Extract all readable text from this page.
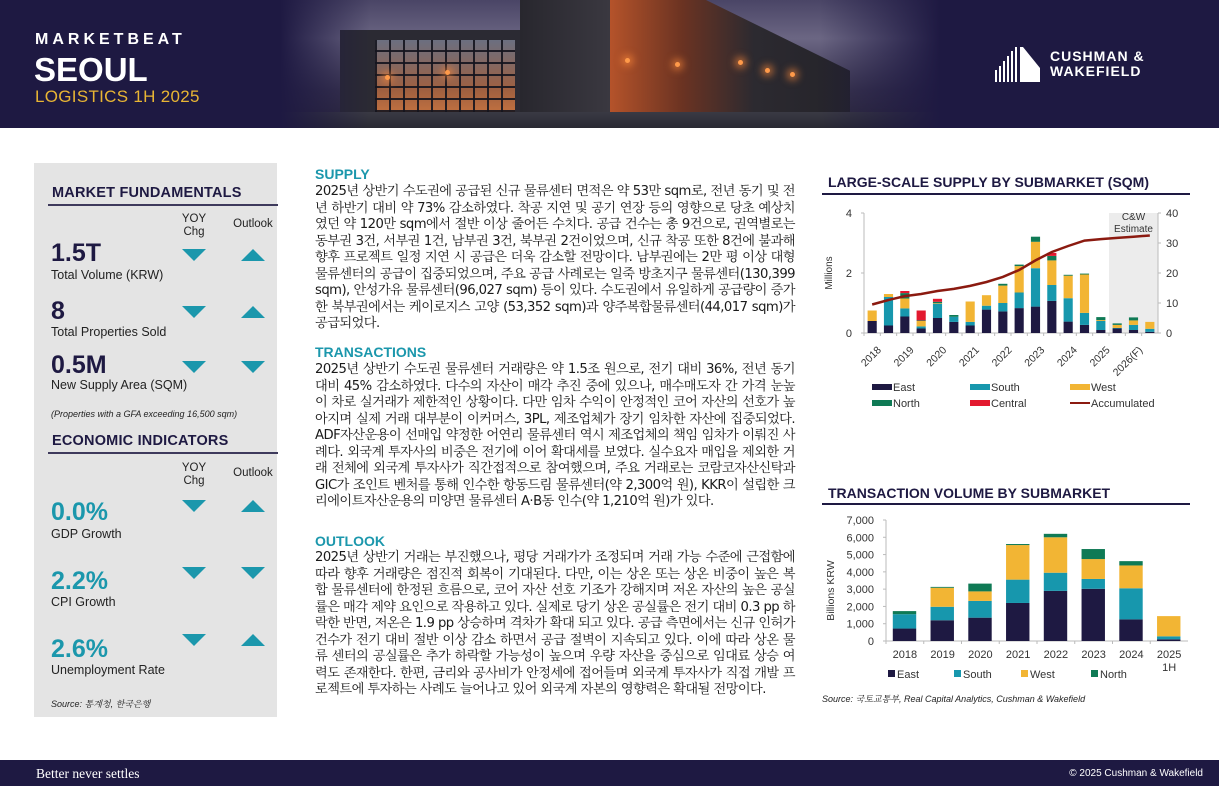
MARKETBEAT
SEOUL
LOGISTICS 1H 2025
CUSHMAN &
WAKEFIELD
MARKET FUNDAMENTALS
YOY
Chg
Outlook
1.5T
Total Volume (KRW)
8
Total Properties Sold
0.5M
New Supply Area (SQM)
(Properties with a GFA exceeding 16,500 sqm)
ECONOMIC INDICATORS
YOY
Chg
Outlook
0.0%
GDP Growth
2.2%
CPI Growth
2.6%
Unemployment Rate
Source: 통계청, 한국은행
SUPPLY
2025년 상반기 수도권에 공급된 신규 물류센터 면적은 약 53만 sqm로, 전년 동기 및 전년 하반기 대비 약 73% 감소하였다. 착공 지연 및 공기 연장 등의 영향으로 당초 예상치였던 약 120만 sqm에서 절반 이상 줄어든 수치다. 공급 건수는 총 9건으로, 권역별로는 동부권 3건, 서부권 1건, 남부권 3건, 북부권 2건이었으며, 신규 착공 또한 8건에 불과해 향후 프로젝트 일정 지연 시 공급은 더욱 감소할 전망이다. 남부권에는 2만 평 이상 대형 물류센터의 공급이 집중되었으며, 주요 공급 사례로는 일죽 방초지구 물류센터(130,399 sqm), 안성가유 물류센터(96,027 sqm) 등이 있다. 수도권에서 유일하게 공급량이 증가한 북부권에서는 케이로지스 고양 (53,352 sqm)과 양주복합물류센터(44,017 sqm)가 공급되었다.
TRANSACTIONS
2025년 상반기 수도권 물류센터 거래량은 약 1.5조 원으로, 전기 대비 36%, 전년 동기 대비 45% 감소하였다. 다수의 자산이 매각 추진 중에 있으나, 매수매도자 간 가격 눈높이 차로 실거래가 제한적인 상황이다. 다만 임차 수익이 안정적인 코어 자산의 선호가 높아지며 실제 거래 대부분이 이커머스, 3PL, 제조업체가 장기 임차한 자산에 집중되었다. ADF자산운용이 선매입 약정한 어연리 물류센터 역시 제조업체의 책임 임차가 이뤄진 사례다. 외국계 투자사의 비중은 전기에 이어 확대세를 보였다. 실수요자 매입을 제외한 거래 전체에 외국계 투자사가 직간접적으로 참여했으며, 주요 거래로는 코람코자산신탁과 GIC가 조인트 벤처를 통해 인수한 항동드림 물류센터(약 2,300억 원), KKR이 설립한 크리에이트자산운용의 미양면 물류센터 A·B동 인수(약 1,210억 원)가 있다.
OUTLOOK
2025년 상반기 거래는 부진했으나, 평당 거래가가 조정되며 거래 가능 수준에 근접함에 따라 향후 거래량은 점진적 회복이 기대된다. 다만, 이는 상온 또는 상온 비중이 높은 복합 물류센터에 한정된 흐름으로, 코어 자산 선호 기조가 강해지며 저온 자산의 높은 공실률은 매각 제약 요인으로 작용하고 있다. 실제로 당기 상온 공실률은 전기 대비 0.3 pp 하락한 반면, 저온은 1.9 pp 상승하며 격차가 확대 되고 있다. 공급 측면에서는 신규 인허가 건수가 전기 대비 절반 이상 감소 하면서 공급 절벽이 지속되고 있다. 이에 따라 상온 물류 센터의 공실률은 추가 하락할 가능성이 높으며 우량 자산을 중심으로 임대료 상승 여력도 존재한다. 한편, 금리와 공사비가 안정세에 접어들며 외국계 투자사가 직접 개발 프로젝트에 투자하는 사례도 늘어나고 있어 외국계 자본의 영향력은 확대될 전망이다.
LARGE-SCALE SUPPLY BY SUBMARKET (SQM)
C&W
Estimate
0
2
4
0
10
20
30
40
Millions
2018 2019 2020 2021 2022 2023 2024 2025
2026(F)
East	South	West
North	Central	Accumulated
TRANSACTION VOLUME BY SUBMARKET
0
1,000
2,000
3,000
4,000
5,000
6,000
7,000
Billions KRW
2018 2019 2020 2021 2022 2023 2024 2025
1H
East	South	West	North
Source: 국토교통부, Real Capital Analytics, Cushman & Wakefield
Better never settles	© 2025 Cushman & Wakefield
